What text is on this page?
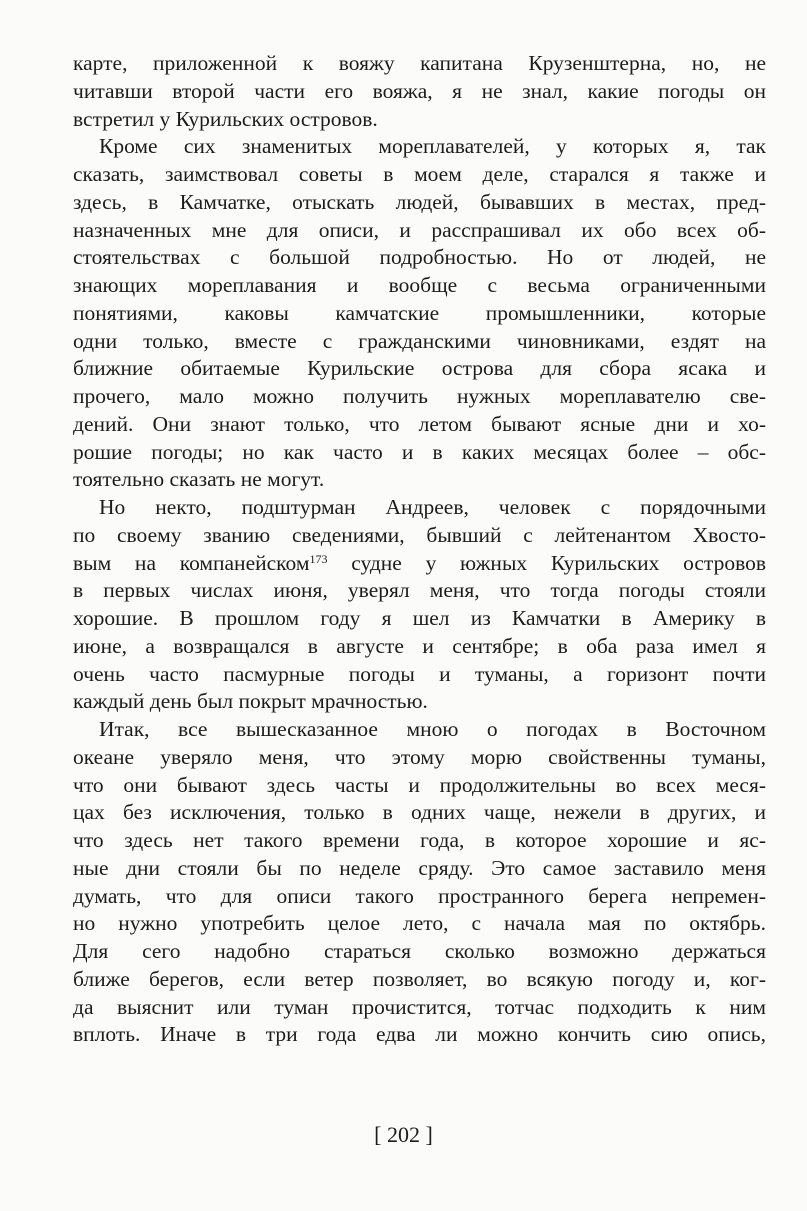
карте, приложенной к вояжу капитана Крузенштерна, но, не
читавши второй части его вояжа, я не знал, какие погоды он
встретил у Курильских островов.
Кроме сих знаменитых мореплавателей, у которых я, так
сказать, заимствовал советы в моем деле, старался я также и
здесь, в Камчатке, отыскать людей, бывавших в местах, пред-
назначенных мне для описи, и расспрашивал их обо всех об-
стоятельствах с большой подробностью. Но от людей, не
знающих мореплавания и вообще с весьма ограниченными
понятиями, каковы камчатские промышленники, которые
одни только, вместе с гражданскими чиновниками, ездят на
ближние обитаемые Курильские острова для сбора ясака и
прочего, мало можно получить нужных мореплавателю све-
дений. Они знают только, что летом бывают ясные дни и хо-
рошие погоды; но как часто и в каких месяцах более – обс-
тоятельно сказать не могут.
Но некто, подштурман Андреев, человек с порядочными
по своему званию сведениями, бывший с лейтенантом Хвосто-
вым на компанейском$^{173}$ судне у южных Курильских островов
в первых числах июня, уверял меня, что тогда погоды стояли
хорошие. В прошлом году я шел из Камчатки в Америку в
июне, а возвращался в августе и сентябре; в оба раза имел я
очень часто пасмурные погоды и туманы, а горизонт почти
каждый день был покрыт мрачностью.
Итак, все вышесказанное мною о погодах в Восточном
океане уверяло меня, что этому морю свойственны туманы,
что они бывают здесь часты и продолжительны во всех меся-
цах без исключения, только в одних чаще, нежели в других, и
что здесь нет такого времени года, в которое хорошие и яс-
ные дни стояли бы по неделе сряду. Это самое заставило меня
думать, что для описи такого пространного берега непремен-
но нужно употребить целое лето, с начала мая по октябрь.
Для сего надобно стараться сколько возможно держаться
ближе берегов, если ветер позволяет, во всякую погоду и, ког-
да выяснит или туман прочистится, тотчас подходить к ним
вплоть. Иначе в три года едва ли можно кончить сию опись,
[ 202 ]
